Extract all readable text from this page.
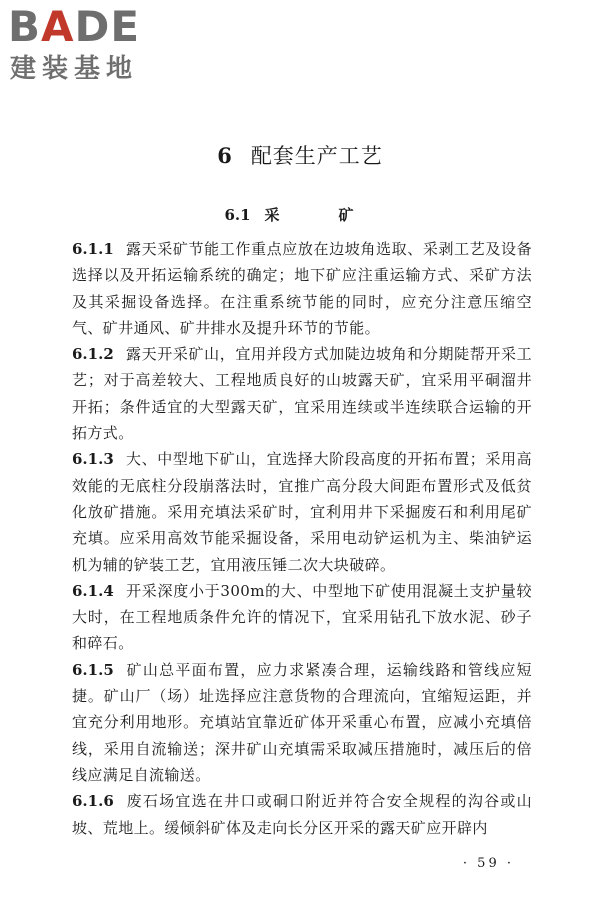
BADE
建装基地
6 配套生产工艺
6.1 采　矿

6.1.1 露天采矿节能工作重点应放在边坡角选取、采剥工艺及设备选择以及开拓运输系统的确定；地下矿应注重运输方式、采矿方法及其采掘设备选择。在注重系统节能的同时，应充分注意压缩空气、矿井通风、矿井排水及提升环节的节能。

6.1.2 露天开采矿山，宜用并段方式加陡边坡角和分期陡帮开采工艺；对于高差较大、工程地质良好的山坡露天矿，宜采用平硐溜井开拓；条件适宜的大型露天矿，宜采用连续或半连续联合运输的开拓方式。

6.1.3 大、中型地下矿山，宜选择大阶段高度的开拓布置；采用高效能的无底柱分段崩落法时，宜推广高分段大间距布置形式及低贫化放矿措施。采用充填法采矿时，宜利用井下采掘废石和利用尾矿充填。应采用高效节能采掘设备，采用电动铲运机为主、柴油铲运机为辅的铲装工艺，宜用液压锤二次大块破碎。

6.1.4 开采深度小于300m的大、中型地下矿使用混凝土支护量较大时，在工程地质条件允许的情况下，宜采用钻孔下放水泥、砂子和碎石。

6.1.5 矿山总平面布置，应力求紧凑合理，运输线路和管线应短捷。矿山厂（场）址选择应注意货物的合理流向，宜缩短运距，并宜充分利用地形。充填站宜靠近矿体开采重心布置，应减小充填倍线，采用自流输送；深井矿山充填需采取减压措施时，减压后的倍线应满足自流输送。

6.1.6 废石场宜选在井口或硐口附近并符合安全规程的沟谷或山坡、荒地上。缓倾斜矿体及走向长分区开采的露天矿应开辟内

· 59 ·
